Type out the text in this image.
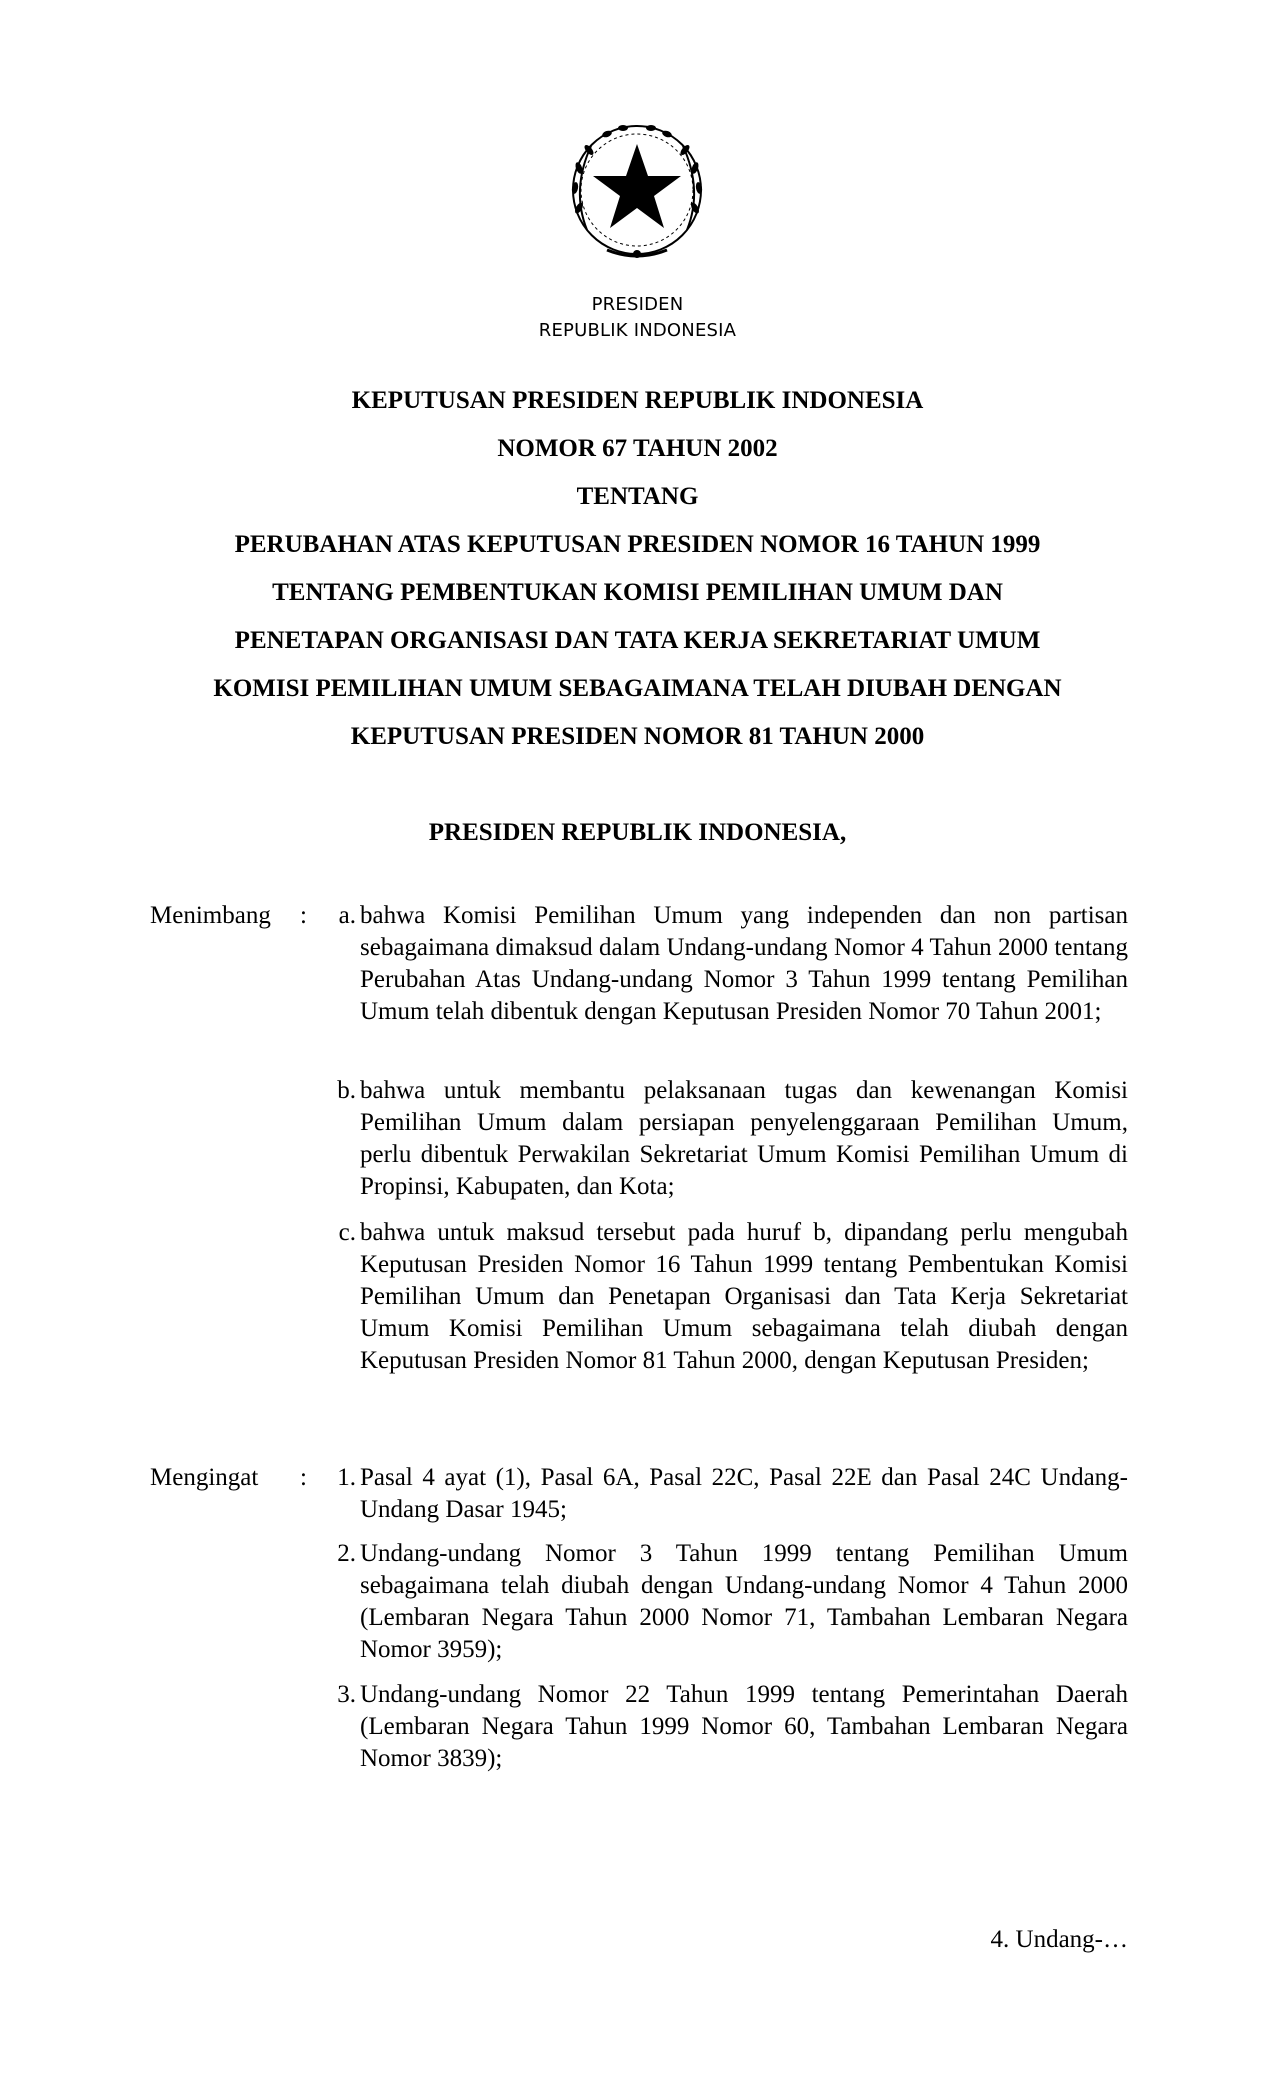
PRESIDEN
REPUBLIK INDONESIA
KEPUTUSAN PRESIDEN REPUBLIK INDONESIA
NOMOR 67 TAHUN 2002
TENTANG
PERUBAHAN ATAS KEPUTUSAN PRESIDEN NOMOR 16 TAHUN 1999
TENTANG PEMBENTUKAN KOMISI PEMILIHAN UMUM DAN
PENETAPAN ORGANISASI DAN TATA KERJA SEKRETARIAT UMUM
KOMISI PEMILIHAN UMUM SEBAGAIMANA TELAH DIUBAH DENGAN
KEPUTUSAN PRESIDEN NOMOR 81 TAHUN 2000
PRESIDEN REPUBLIK INDONESIA,
Menimbang :	a. bahwa Komisi Pemilihan Umum yang independen dan non partisan sebagaimana dimaksud dalam Undang-undang Nomor 4 Tahun 2000 tentang Perubahan Atas Undang-undang Nomor 3 Tahun 1999 tentang Pemilihan Umum telah dibentuk dengan Keputusan Presiden Nomor 70 Tahun 2001;
b. bahwa untuk membantu pelaksanaan tugas dan kewenangan Komisi Pemilihan Umum dalam persiapan penyelenggaraan Pemilihan Umum, perlu dibentuk Perwakilan Sekretariat Umum Komisi Pemilihan Umum di Propinsi, Kabupaten, dan Kota;
c. bahwa untuk maksud tersebut pada huruf b, dipandang perlu mengubah Keputusan Presiden Nomor 16 Tahun 1999 tentang Pembentukan Komisi Pemilihan Umum dan Penetapan Organisasi dan Tata Kerja Sekretariat Umum Komisi Pemilihan Umum sebagaimana telah diubah dengan Keputusan Presiden Nomor 81 Tahun 2000, dengan Keputusan Presiden;
Mengingat :	1. Pasal 4 ayat (1), Pasal 6A, Pasal 22C, Pasal 22E dan Pasal 24C Undang-Undang Dasar 1945;
2. Undang-undang Nomor 3 Tahun 1999 tentang Pemilihan Umum sebagaimana telah diubah dengan Undang-undang Nomor 4 Tahun 2000 (Lembaran Negara Tahun 2000 Nomor 71, Tambahan Lembaran Negara Nomor 3959);
3. Undang-undang Nomor 22 Tahun 1999 tentang Pemerintahan Daerah (Lembaran Negara Tahun 1999 Nomor 60, Tambahan Lembaran Negara Nomor 3839);
4. Undang-…
